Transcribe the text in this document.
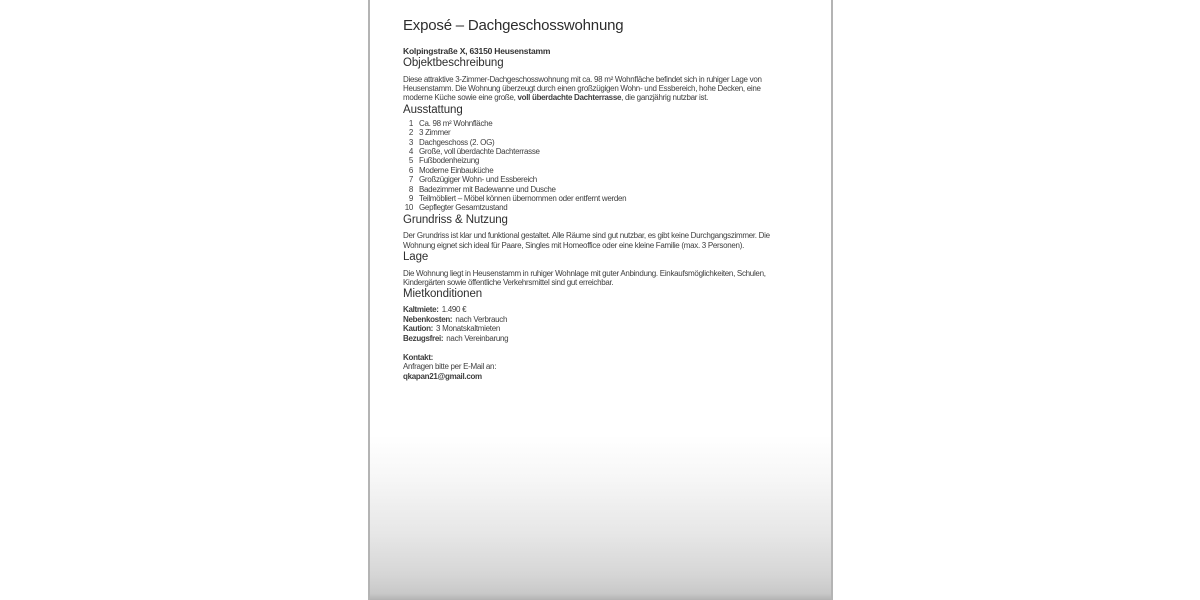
Exposé – Dachgeschosswohnung
Kolpingstraße X, 63150 Heusenstamm
Objektbeschreibung

Diese attraktive 3-Zimmer-Dachgeschosswohnung mit ca. 98 m² Wohnfläche befindet sich in ruhiger Lage von Heusenstamm. Die Wohnung überzeugt durch einen großzügigen Wohn- und Essbereich, hohe Decken, eine moderne Küche sowie eine große, voll überdachte Dachterrasse, die ganzjährig nutzbar ist.

Ausstattung
1 Ca. 98 m² Wohnfläche
2 3 Zimmer
3 Dachgeschoss (2. OG)
4 Große, voll überdachte Dachterrasse
5 Fußbodenheizung
6 Moderne Einbauküche
7 Großzügiger Wohn- und Essbereich
8 Badezimmer mit Badewanne und Dusche
9 Teilmöbliert – Möbel können übernommen oder entfernt werden
10 Gepflegter Gesamtzustand
Grundriss & Nutzung

Der Grundriss ist klar und funktional gestaltet. Alle Räume sind gut nutzbar, es gibt keine Durchgangszimmer. Die Wohnung eignet sich ideal für Paare, Singles mit Homeoffice oder eine kleine Familie (max. 3 Personen).

Lage

Die Wohnung liegt in Heusenstamm in ruhiger Wohnlage mit guter Anbindung. Einkaufsmöglichkeiten, Schulen, Kindergärten sowie öffentliche Verkehrsmittel sind gut erreichbar.

Mietkonditionen
Kaltmiete: 1.490 €
Nebenkosten: nach Verbrauch
Kaution: 3 Monatskaltmieten
Bezugsfrei: nach Vereinbarung
Kontakt:
Anfragen bitte per E-Mail an:
qkapan21@gmail.com
